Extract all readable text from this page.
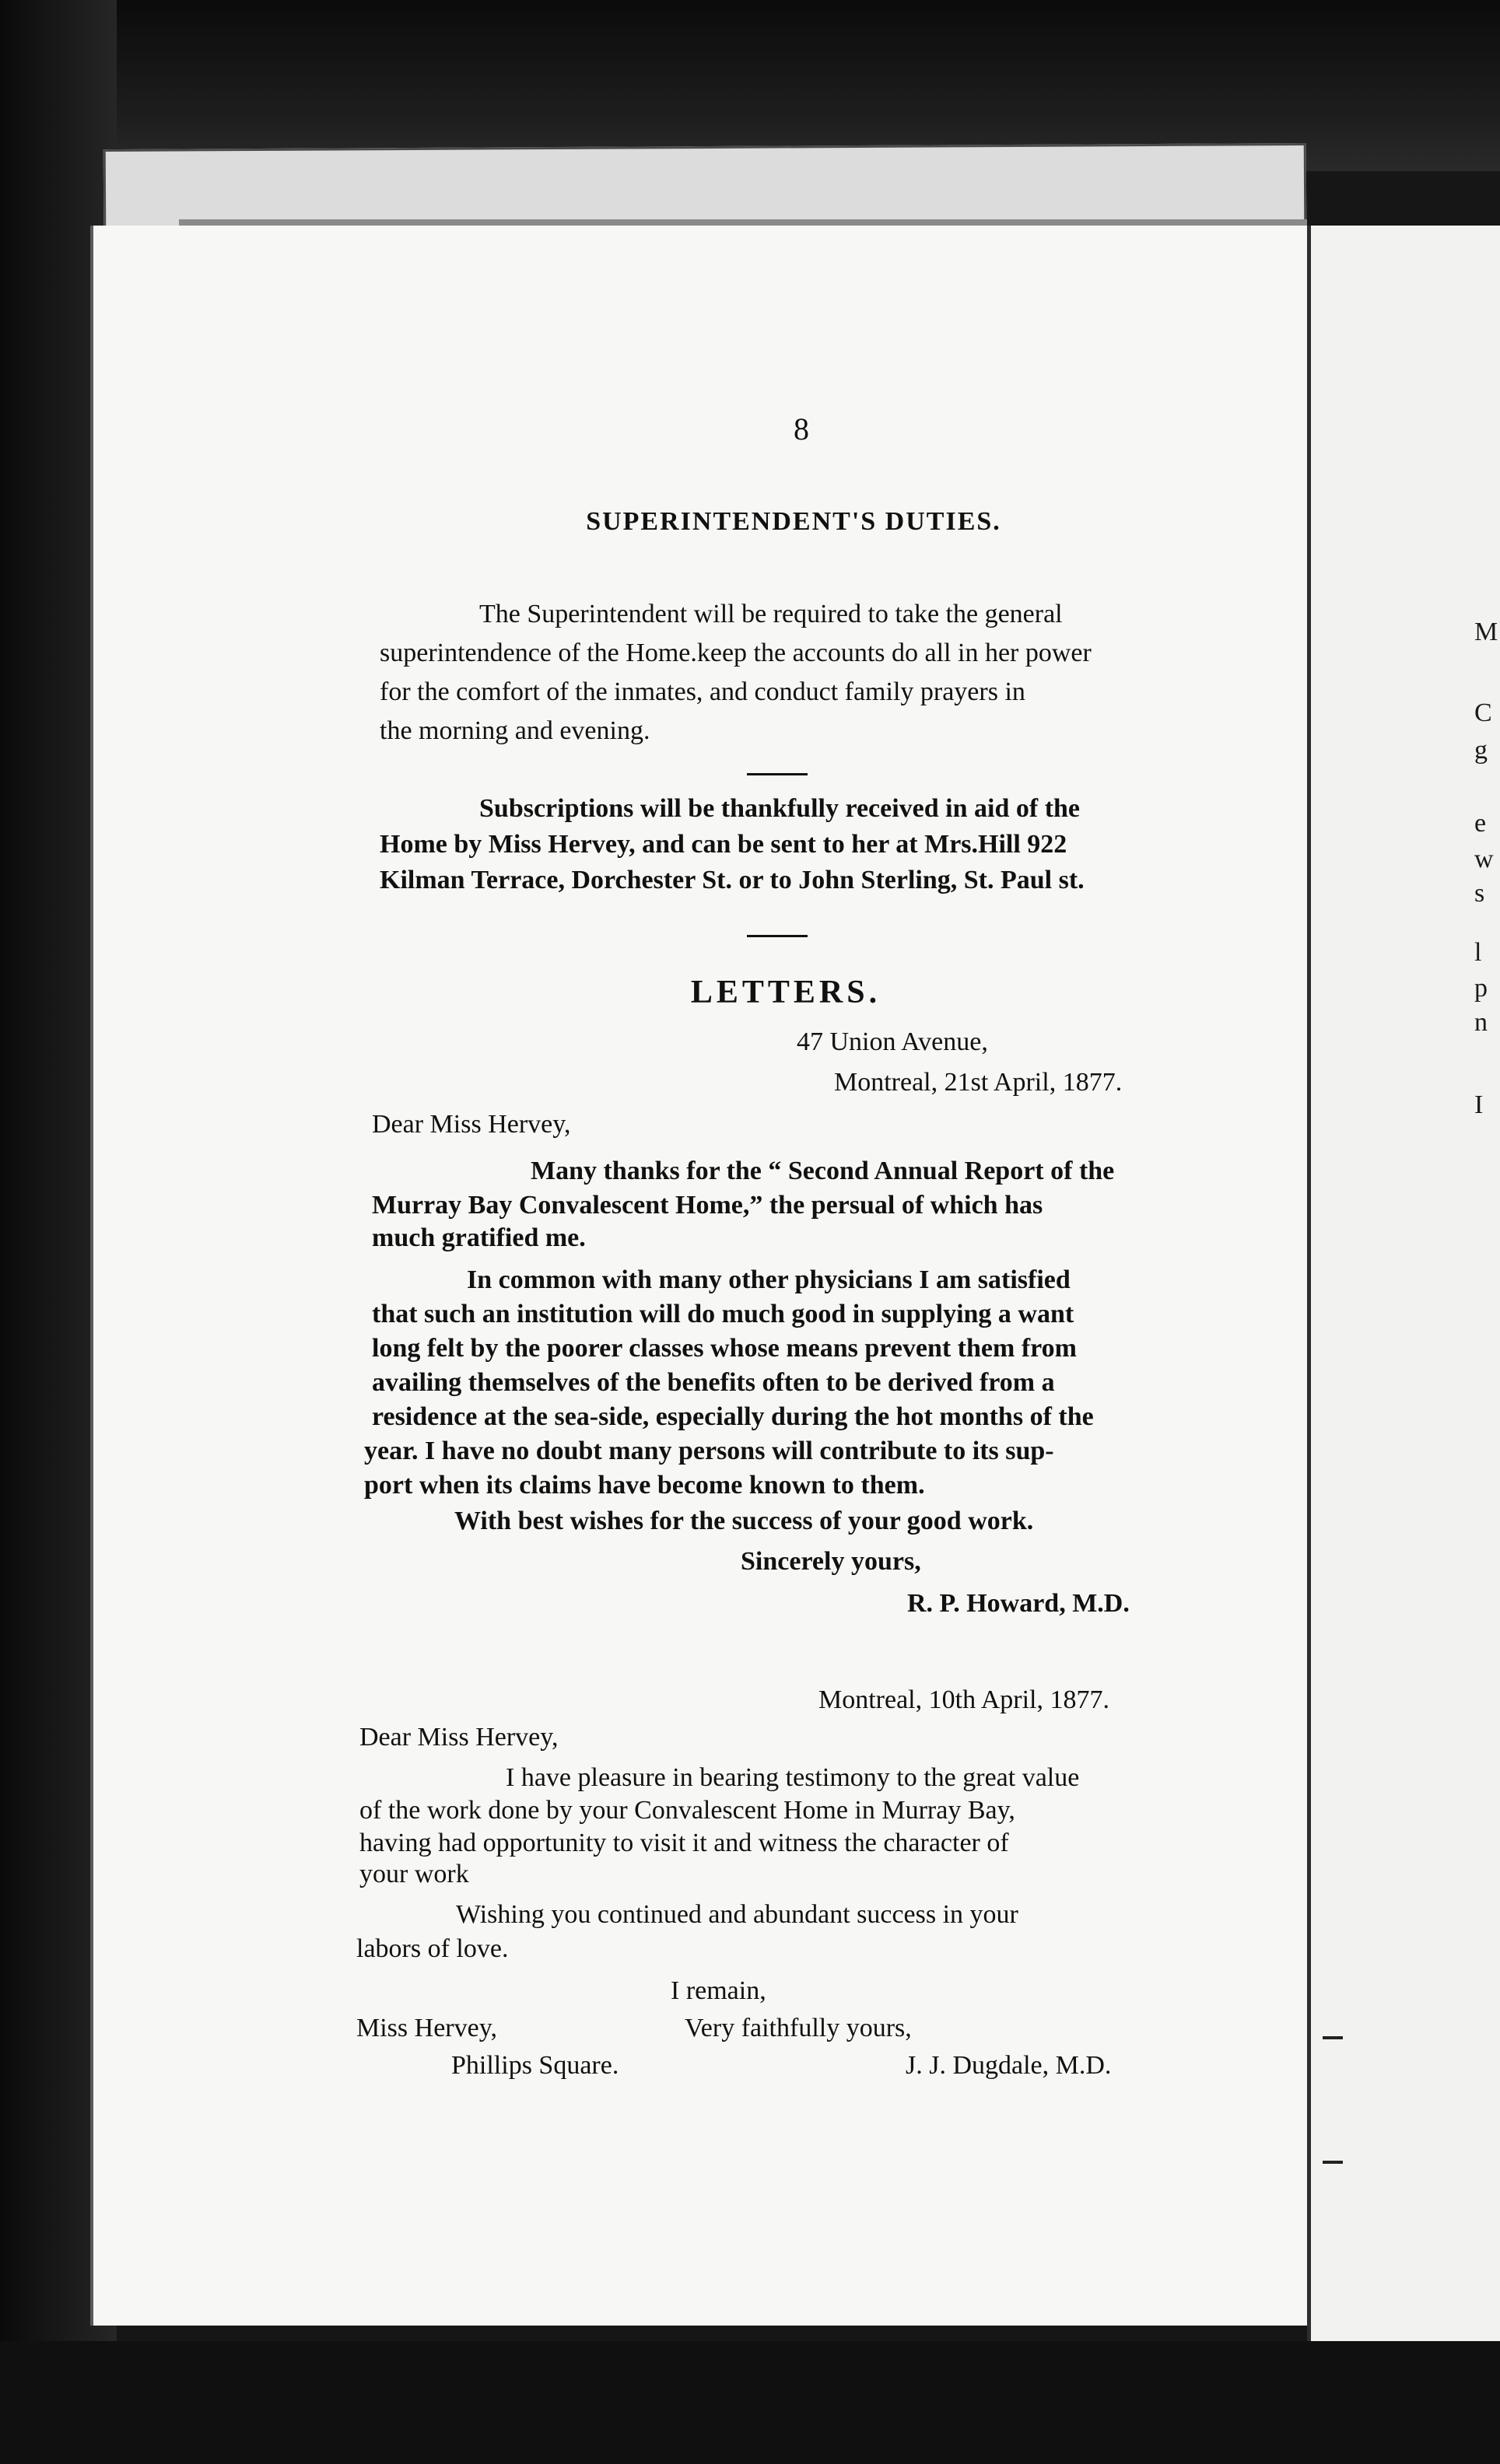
M
C
g
e
w
s
l
p
n
I
8
SUPERINTENDENT'S DUTIES.
The Superintendent will be required to take the general
superintendence of the Home.keep the accounts do all in her power
for the comfort of the inmates, and conduct family prayers in
the morning and evening.
Subscriptions will be thankfully received in aid of the
Home by Miss Hervey, and can be sent to her at Mrs.Hill 922
Kilman Terrace, Dorchester St. or to John Sterling, St. Paul st.
LETTERS.
47 Union Avenue,
Montreal, 21st April, 1877.
Dear Miss Hervey,
Many thanks for the “ Second Annual Report of the
Murray Bay Convalescent Home,” the persual of which has
much gratified me.
In common with many other physicians I am satisfied
that such an institution will do much good in supplying a want
long felt by the poorer classes whose means prevent them from
availing themselves of the benefits often to be derived from a
residence at the sea-side, especially during the hot months of the
year. I have no doubt many persons will contribute to its sup-
port when its claims have become known to them.
With best wishes for the success of your good work.
Sincerely yours,
R. P. Howard, M.D.
Montreal, 10th April, 1877.
Dear Miss Hervey,
I have pleasure in bearing testimony to the great value
of the work done by your Convalescent Home in Murray Bay,
having had opportunity to visit it and witness the character of
your work
Wishing you continued and abundant success in your
labors of love.
I remain,
Miss Hervey,	Very faithfully yours,
Phillips Square.	J. J. Dugdale, M.D.
